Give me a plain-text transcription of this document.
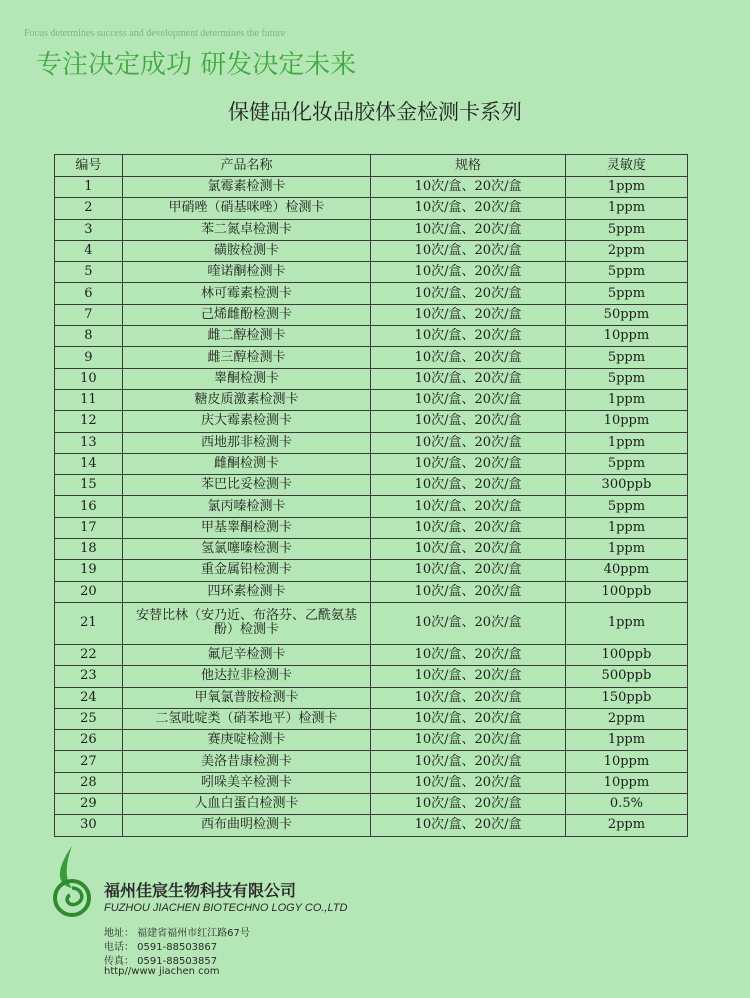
Focus determines success and development determines the future
专注决定成功 研发决定未来
保健品化妆品胶体金检测卡系列
编号	产品名称	规格	灵敏度
1	氯霉素检测卡	10次/盒、20次/盒	1ppm
2	甲硝唑（硝基咪唑）检测卡	10次/盒、20次/盒	1ppm
3	苯二氮卓检测卡	10次/盒、20次/盒	5ppm
4	磺胺检测卡	10次/盒、20次/盒	2ppm
5	喹诺酮检测卡	10次/盒、20次/盒	5ppm
6	林可霉素检测卡	10次/盒、20次/盒	5ppm
7	己烯雌酚检测卡	10次/盒、20次/盒	50ppm
8	雌二醇检测卡	10次/盒、20次/盒	10ppm
9	雌三醇检测卡	10次/盒、20次/盒	5ppm
10	睾酮检测卡	10次/盒、20次/盒	5ppm
11	糖皮质激素检测卡	10次/盒、20次/盒	1ppm
12	庆大霉素检测卡	10次/盒、20次/盒	10ppm
13	西地那非检测卡	10次/盒、20次/盒	1ppm
14	雌酮检测卡	10次/盒、20次/盒	5ppm
15	苯巴比妥检测卡	10次/盒、20次/盒	300ppb
16	氯丙嗪检测卡	10次/盒、20次/盒	5ppm
17	甲基睾酮检测卡	10次/盒、20次/盒	1ppm
18	氢氯噻嗪检测卡	10次/盒、20次/盒	1ppm
19	重金属铅检测卡	10次/盒、20次/盒	40ppm
20	四环素检测卡	10次/盒、20次/盒	100ppb
21	安替比林（安乃近、布洛芬、乙酰氨基酚）检测卡	10次/盒、20次/盒	1ppm
22	氟尼辛检测卡	10次/盒、20次/盒	100ppb
23	他达拉非检测卡	10次/盒、20次/盒	500ppb
24	甲氧氯普胺检测卡	10次/盒、20次/盒	150ppb
25	二氢吡啶类（硝苯地平）检测卡	10次/盒、20次/盒	2ppm
26	赛庚啶检测卡	10次/盒、20次/盒	1ppm
27	美洛昔康检测卡	10次/盒、20次/盒	10ppm
28	吲哚美辛检测卡	10次/盒、20次/盒	10ppm
29	人血白蛋白检测卡	10次/盒、20次/盒	0.5%
30	西布曲明检测卡	10次/盒、20次/盒	2ppm
福州佳宸生物科技有限公司
FUZHOU JIACHEN BIOTECHNO LOGY CO.,LTD
地址： 福建省福州市红江路67号
电话： 0591-88503867
传真： 0591-88503857
http//www jiachen com
